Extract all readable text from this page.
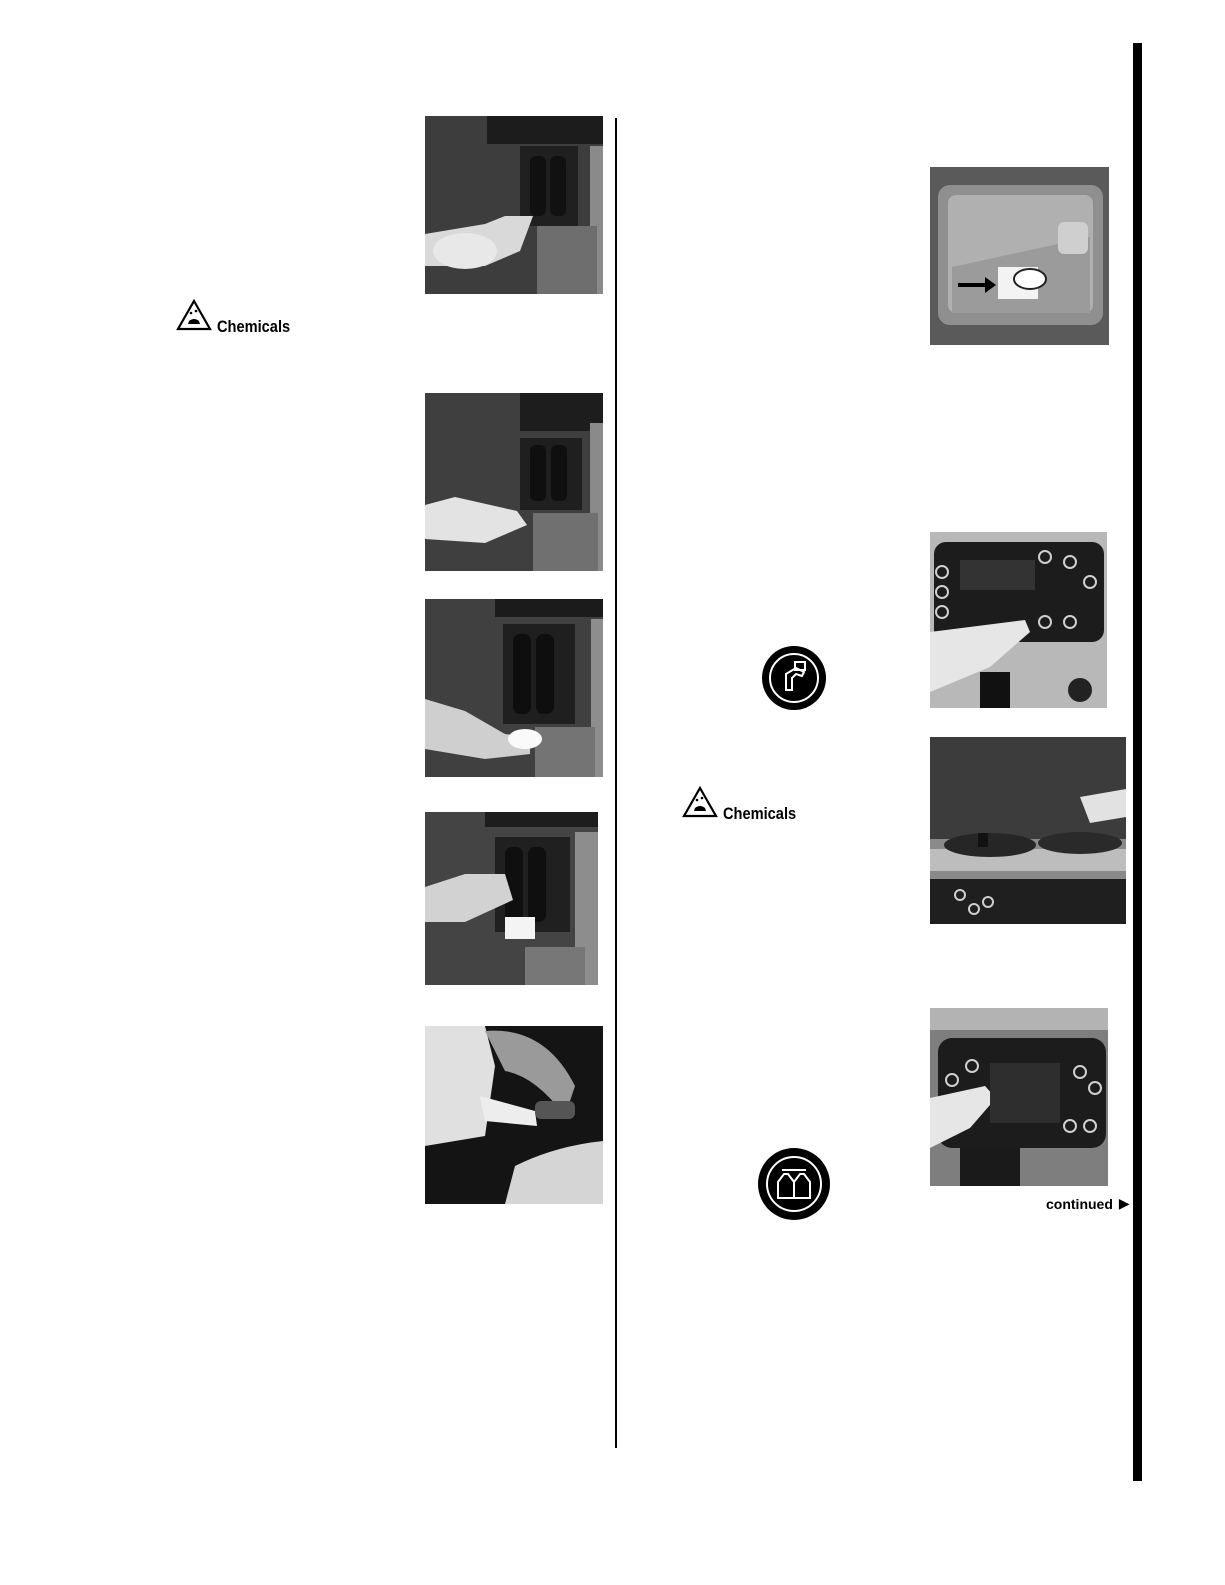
Chemicals
Chemicals
continued ▶
